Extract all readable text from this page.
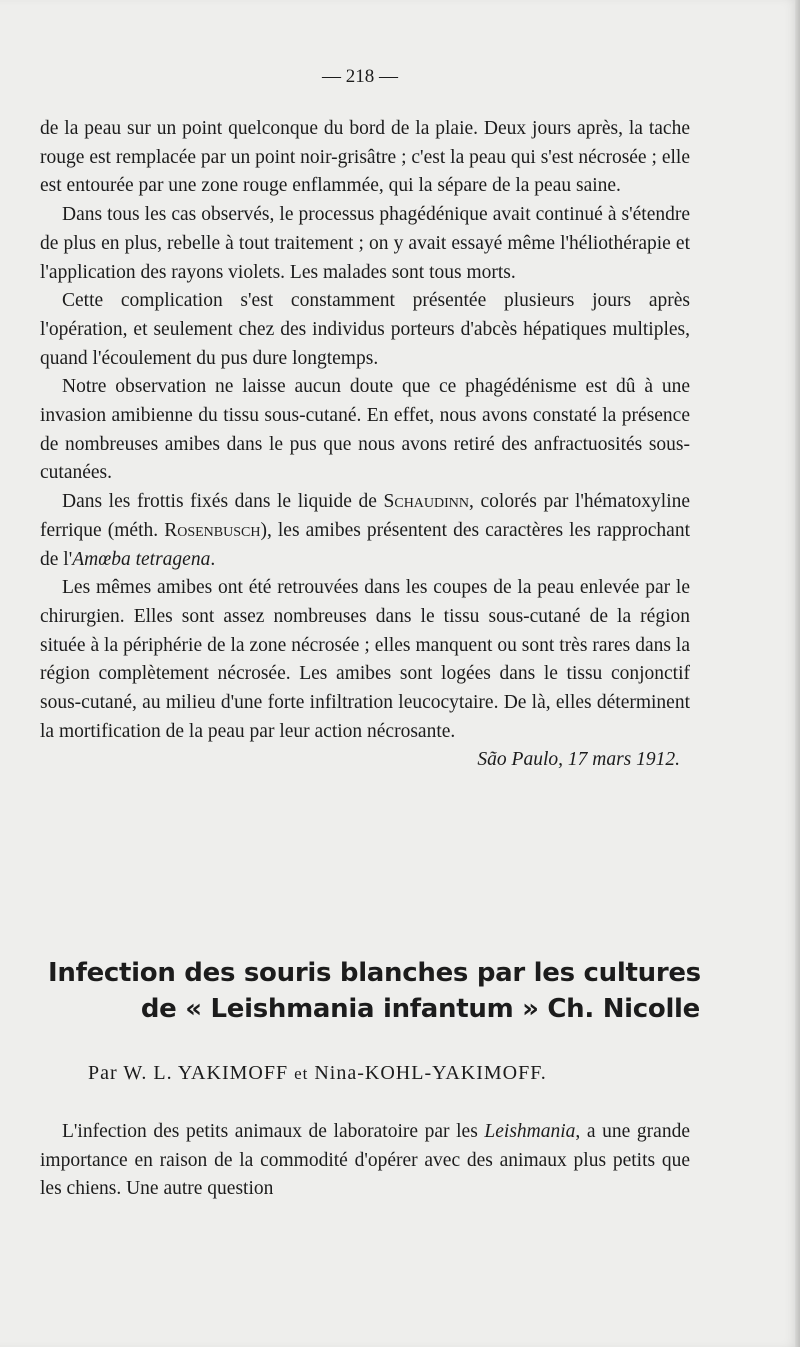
— 218 —

de la peau sur un point quelconque du bord de la plaie. Deux jours après, la tache rouge est remplacée par un point noir-grisâtre ; c'est la peau qui s'est nécrosée ; elle est entourée par une zone rouge enflammée, qui la sépare de la peau saine.

Dans tous les cas observés, le processus phagédénique avait continué à s'étendre de plus en plus, rebelle à tout traitement ; on y avait essayé même l'héliothérapie et l'application des rayons violets. Les malades sont tous morts.

Cette complication s'est constamment présentée plusieurs jours après l'opération, et seulement chez des individus porteurs d'abcès hépatiques multiples, quand l'écoulement du pus dure longtemps.

Notre observation ne laisse aucun doute que ce phagédénisme est dû à une invasion amibienne du tissu sous-cutané. En effet, nous avons constaté la présence de nombreuses amibes dans le pus que nous avons retiré des anfractuosités sous-cutanées.

Dans les frottis fixés dans le liquide de Schaudinn, colorés par l'hématoxyline ferrique (méth. Rosenbusch), les amibes présentent des caractères les rapprochant de l'Amœba tetragena.

Les mêmes amibes ont été retrouvées dans les coupes de la peau enlevée par le chirurgien. Elles sont assez nombreuses dans le tissu sous-cutané de la région située à la périphérie de la zone nécrosée ; elles manquent ou sont très rares dans la région complètement nécrosée. Les amibes sont logées dans le tissu conjonctif sous-cutané, au milieu d'une forte infiltration leucocytaire. De là, elles déterminent la mortification de la peau par leur action nécrosante.

São Paulo, 17 mars 1912.

Infection des souris blanches par les cultures
de « Leishmania infantum » Ch. Nicolle
Par W. L. YAKIMOFF et Nina-KOHL-YAKIMOFF.

L'infection des petits animaux de laboratoire par les Leishmania, a une grande importance en raison de la commodité d'opérer avec des animaux plus petits que les chiens. Une autre question
